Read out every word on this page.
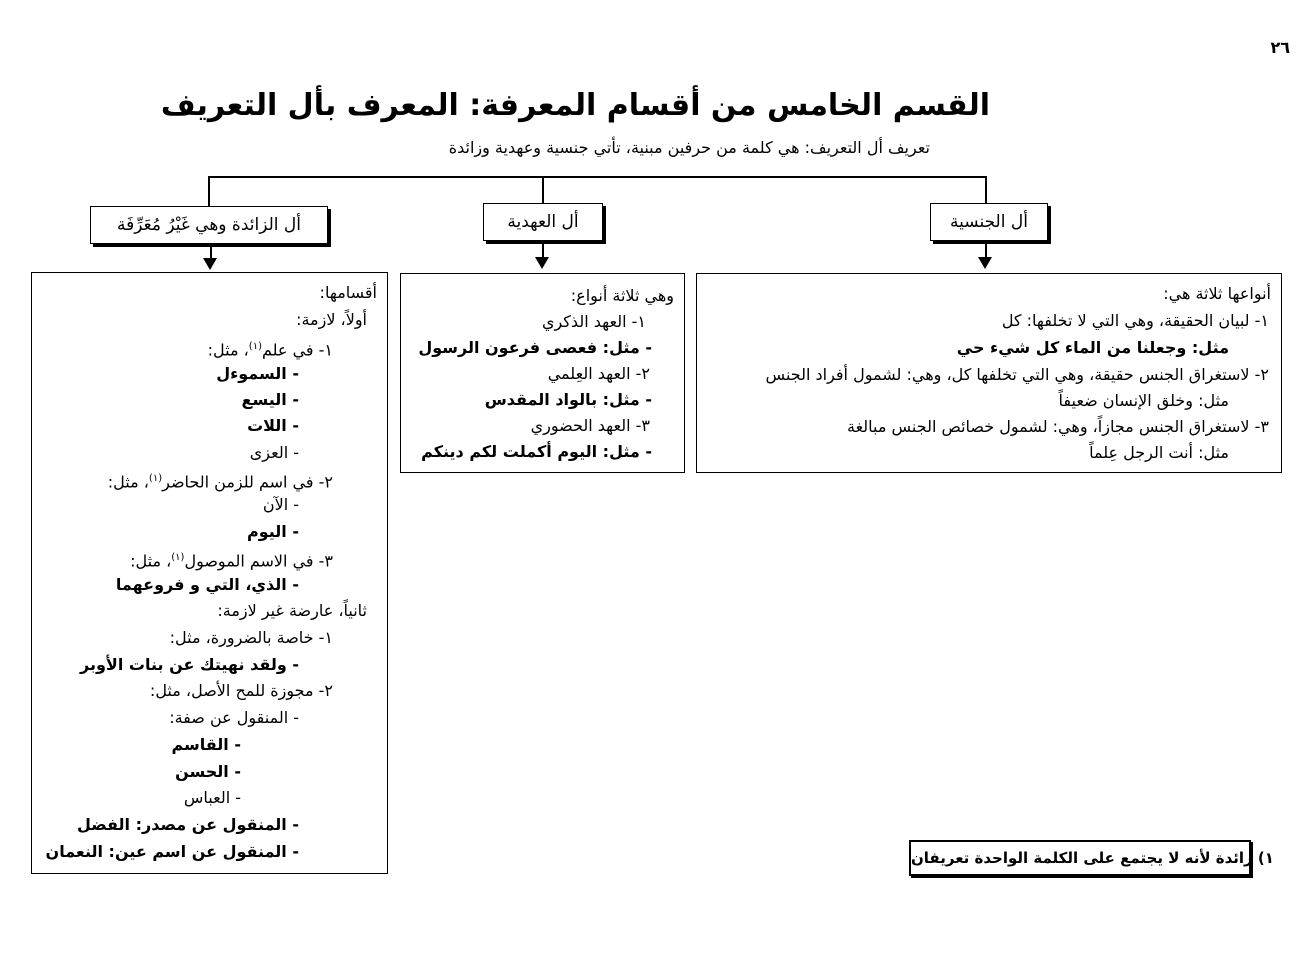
٢٦
القسم الخامس من أقسام المعرفة: المعرف بأل التعريف
تعريف أل التعريف: هي كلمة من حرفين مبنية، تأتي جنسية وعهدية وزائدة
أل الجنسية
أل العهدية
أل الزائدة وهي غَيْرُ مُعَرِّفَة
أنواعها ثلاثة هي:
١- لبيان الحقيقة، وهي التي لا تخلفها: كل
مثل: وجعلنا من الماء كل شيء حي
٢- لاستغراق الجنس حقيقة، وهي التي تخلفها كل، وهي: لشمول أفراد الجنس
مثل: وخلق الإنسان ضعيفاً
٣- لاستغراق الجنس مجازاً، وهي: لشمول خصائص الجنس مبالغة
مثل: أنت الرجل عِلماً
وهي ثلاثة أنواع:
١- العهد الذكري
- مثل: فعصى فرعون الرسول
٢- العهد العِلمي
- مثل: بالواد المقدس
٣- العهد الحضوري
- مثل: اليوم أكملت لكم دينكم
أقسامها:
أولاً، لازمة:
١- في علم$^{(١)}$، مثل:
- السموءل
- اليسع
- اللات
- العزى
٢- في اسم للزمن الحاضر$^{(١)}$، مثل:
- الآن
- اليوم
٣- في الاسم الموصول$^{(١)}$، مثل:
- الذي، التي و فروعهما
ثانياً، عارضة غير لازمة:
١- خاصة بالضرورة، مثل:
- ولقد نهيتك عن بنات الأوبر
٢- مجوزة للمح الأصل، مثل:
- المنقول عن صفة:
- القاسم
- الحسن
- العباس
- المنقول عن مصدر: الفضل
- المنقول عن اسم عين: النعمان	١) زائدة لأنه لا يجتمع على الكلمة الواحدة تعريفان
